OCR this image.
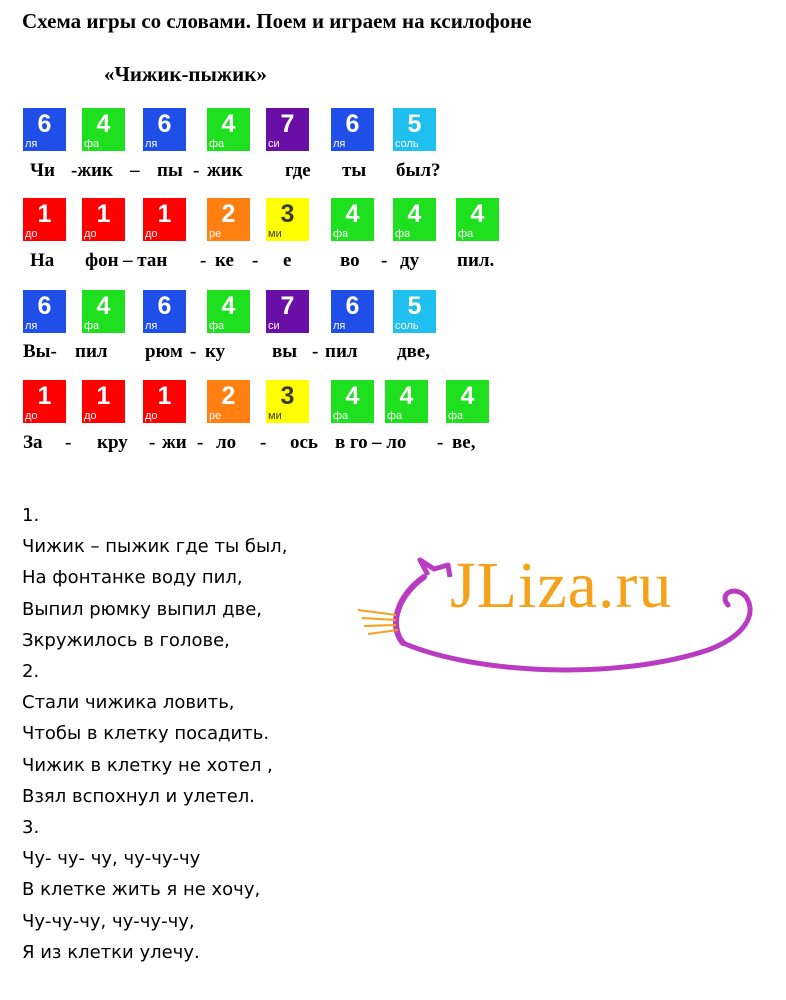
Схема игры со словами. Поем и играем на ксилофоне
«Чижик-пыжик»
6
ля
4
фа
6
ля
4
фа
7
си
6
ля
5
соль
Чи -жик – пы - жик где ты был?
1
до
1
до
1
до
2
ре
3
ми
4
фа
4
фа
4
фа
На фон – тан - ке - е	во - ду пил.
6
ля
4
фа
6
ля
4
фа
7
си
6
ля
5
соль
Вы- пил рюм - ку вы - пил две,
1
до
1
до
1
до
2
ре
3
ми
4
фа
4
фа
4
фа
За - кру - жи - ло - ось в го – ло - ве,
1.
Чижик – пыжик где ты был,
На фонтанке воду пил,
Выпил рюмку выпил две,
Зкружилось в голове,
2.
Стали чижика ловить,
Чтобы в клетку посадить.
Чижик в клетку не хотел ,
Взял вспохнул и улетел.
3.
Чу- чу- чу, чу-чу-чу
В клетке жить я не хочу,
Чу-чу-чу, чу-чу-чу,
Я из клетки улечу.
JLiza.ru
